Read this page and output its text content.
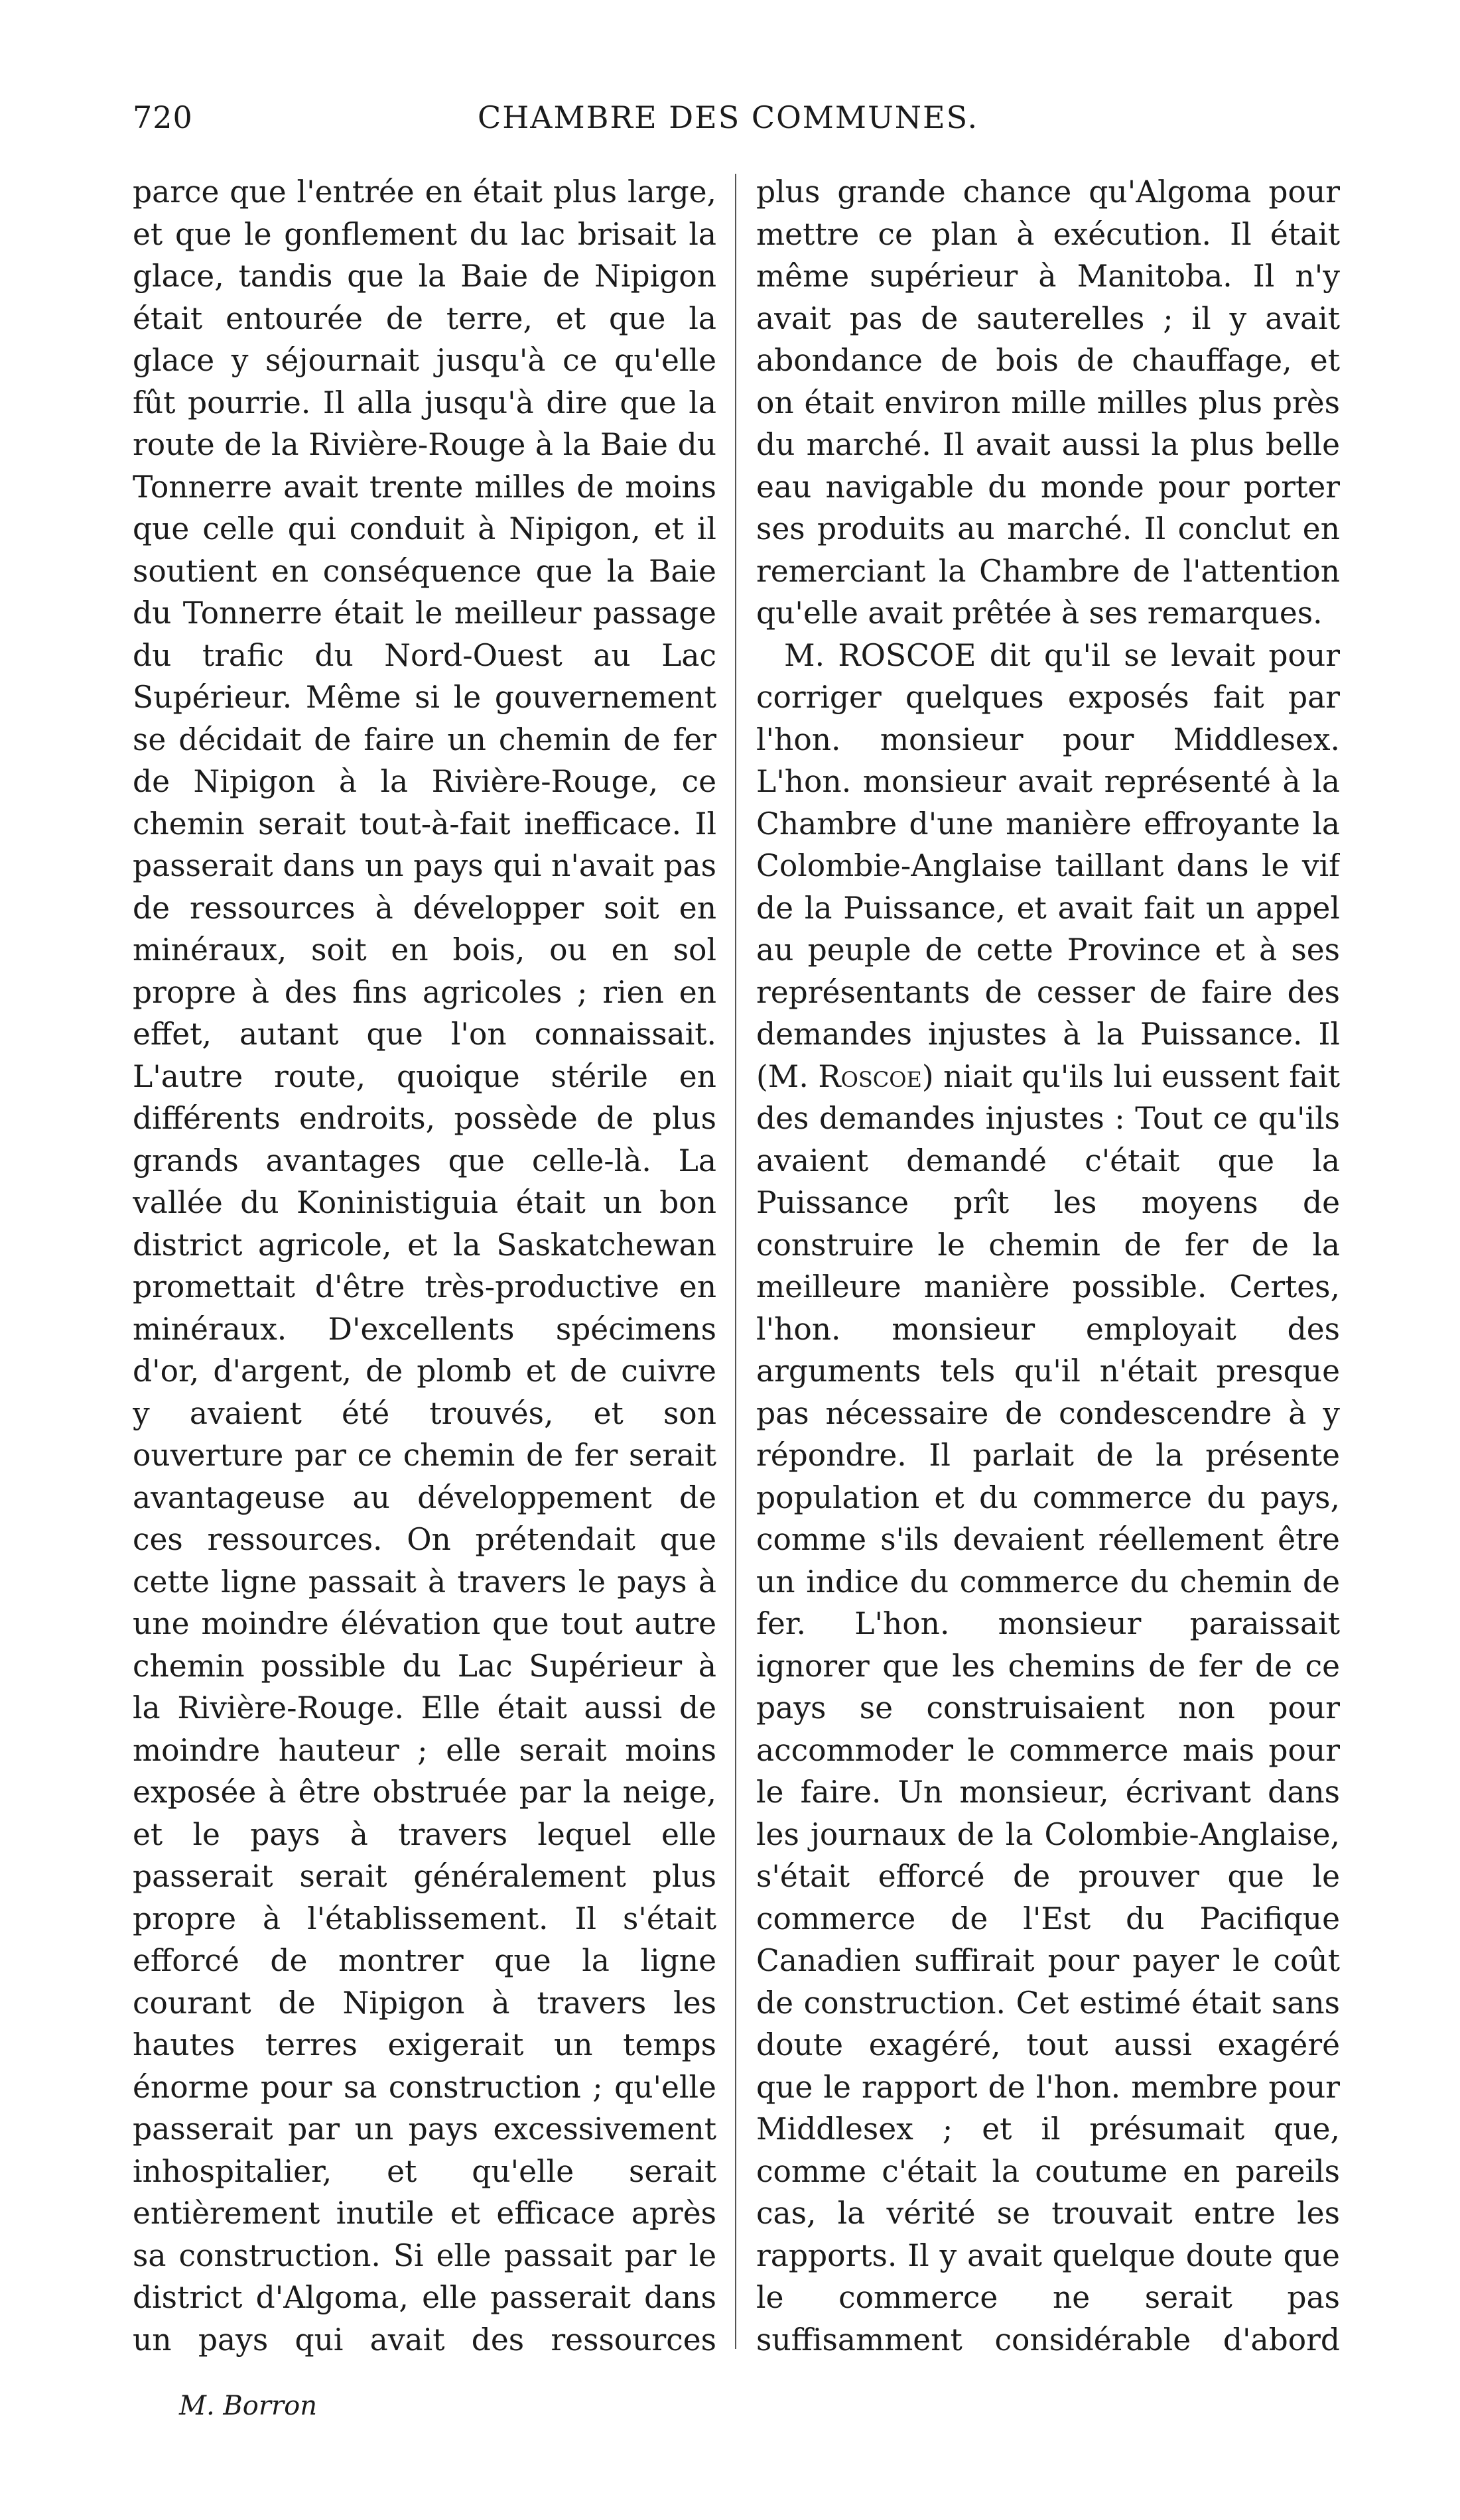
720	CHAMBRE DES COMMUNES.

parce que l'entrée en était plus large, et que le gonflement du lac brisait la glace, tandis que la Baie de Nipigon était entourée de terre, et que la glace y séjournait jusqu'à ce qu'elle fût pourrie. Il alla jusqu'à dire que la route de la Rivière-Rouge à la Baie du Tonnerre avait trente milles de moins que celle qui conduit à Nipigon, et il soutient en conséquence que la Baie du Tonnerre était le meilleur passage du trafic du Nord-Ouest au Lac Supérieur. Même si le gouvernement se décidait de faire un chemin de fer de Nipigon à la Rivière-Rouge, ce chemin serait tout-à-fait inefficace. Il passerait dans un pays qui n'avait pas de ressources à développer soit en minéraux, soit en bois, ou en sol propre à des fins agricoles ; rien en effet, autant que l'on connaissait. L'autre route, quoique stérile en différents endroits, possède de plus grands avantages que celle-là. La vallée du Koninistiguia était un bon district agricole, et la Saskatchewan promettait d'être très-productive en minéraux. D'excellents spécimens d'or, d'argent, de plomb et de cuivre y avaient été trouvés, et son ouverture par ce chemin de fer serait avantageuse au développement de ces ressources. On prétendait que cette ligne passait à travers le pays à une moindre élévation que tout autre chemin possible du Lac Supérieur à la Rivière-Rouge. Elle était aussi de moindre hauteur ; elle serait moins exposée à être obstruée par la neige, et le pays à travers lequel elle passerait serait généralement plus propre à l'établissement. Il s'était efforcé de montrer que la ligne courant de Nipigon à travers les hautes terres exigerait un temps énorme pour sa construction ; qu'elle passerait par un pays excessivement inhospitalier, et qu'elle serait entièrement inutile et efficace après sa construction. Si elle passait par le district d'Algoma, elle passerait dans un pays qui avait des ressources

plus grande chance qu'Algoma pour mettre ce plan à exécution. Il était même supérieur à Manitoba. Il n'y avait pas de sauterelles ; il y avait abondance de bois de chauffage, et on était environ mille milles plus près du marché. Il avait aussi la plus belle eau navigable du monde pour porter ses produits au marché. Il conclut en remerciant la Chambre de l'attention qu'elle avait prêtée à ses remarques.

M. ROSCOE dit qu'il se levait pour corriger quelques exposés fait par l'hon. monsieur pour Middlesex. L'hon. monsieur avait représenté à la Chambre d'une manière effroyante la Colombie-Anglaise taillant dans le vif de la Puissance, et avait fait un appel au peuple de cette Province et à ses représentants de cesser de faire des demandes injustes à la Puissance. Il (M. Roscoe) niait qu'ils lui eussent fait des demandes injustes : Tout ce qu'ils avaient demandé c'était que la Puissance prît les moyens de construire le chemin de fer de la meilleure manière possible. Certes, l'hon. monsieur employait des arguments tels qu'il n'était presque pas nécessaire de condescendre à y répondre. Il parlait de la présente population et du commerce du pays, comme s'ils devaient réellement être un indice du commerce du chemin de fer. L'hon. monsieur paraissait ignorer que les chemins de fer de ce pays se construisaient non pour accommoder le commerce mais pour le faire. Un monsieur, écrivant dans les journaux de la Colombie-Anglaise, s'était efforcé de prouver que le commerce de l'Est du Pacifique Canadien suffirait pour payer le coût de construction. Cet estimé était sans doute exagéré, tout aussi exagéré que le rapport de l'hon. membre pour Middlesex ; et il présumait que, comme c'était la coutume en pareils cas, la vérité se trouvait entre les rapports. Il y avait quelque doute que le commerce ne serait pas suffisamment considérable d'abord

M. Borron
